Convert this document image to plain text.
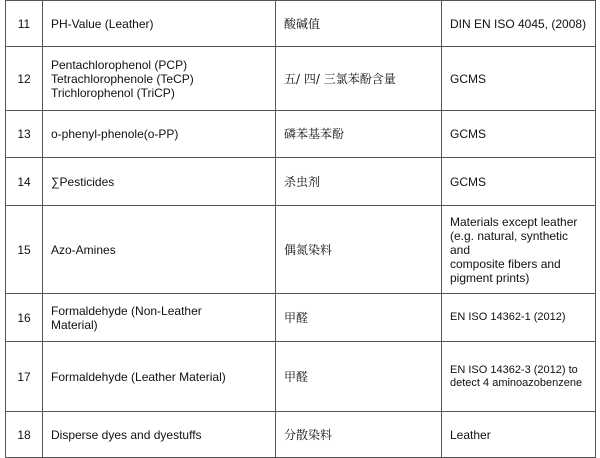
11	PH-Value (Leather)	酸碱值	DIN EN ISO 4045, (2008)
12	Pentachlorophenol (PCP)
Tetrachlorophenole (TeCP)
Trichlorophenol (TriCP)	五/ 四/ 三氯苯酚含量	GCMS
13	o-phenyl-phenole(o-PP)	磷苯基苯酚	GCMS
14	∑Pesticides	杀虫剂	GCMS
15	Azo-Amines	偶氮染料	Materials except leather
(e.g. natural, synthetic and
composite fibers and
pigment prints)

16	Formaldehyde (Non-Leather
Material)	甲醛	EN ISO 14362-1 (2012)
17	Formaldehyde (Leather Material)	甲醛	EN ISO 14362-3 (2012) to
detect 4 aminoazobenzene

18	Disperse dyes and dyestuffs	分散染料	Leather
